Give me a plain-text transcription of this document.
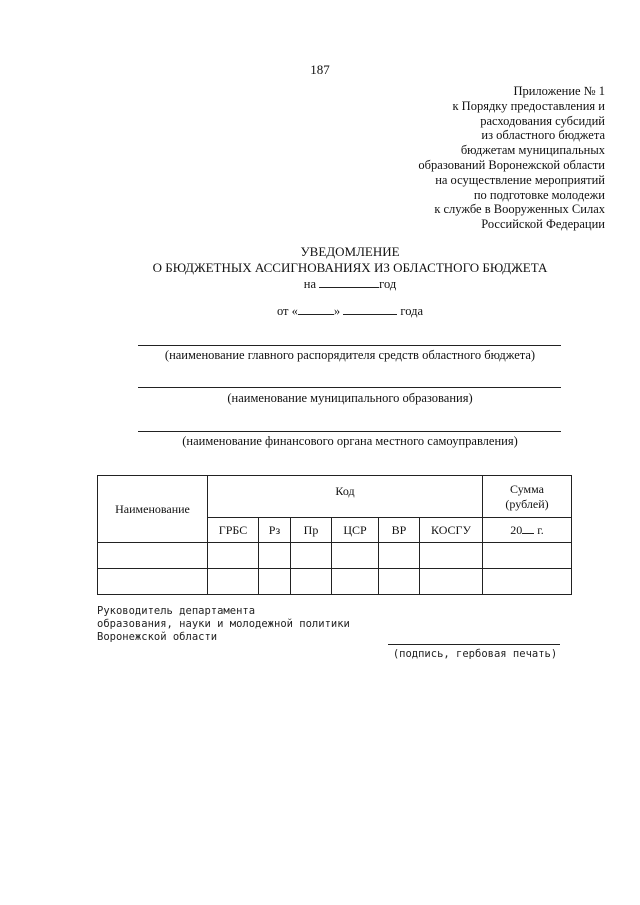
187
Приложение № 1
к Порядку предоставления и
расходования субсидий
из областного бюджета
бюджетам муниципальных
образований Воронежской области
на осуществление мероприятий
по подготовке молодежи
к службе в Вооруженных Силах
Российской Федерации
УВЕДОМЛЕНИЕ
О БЮДЖЕТНЫХ АССИГНОВАНИЯХ ИЗ ОБЛАСТНОГО БЮДЖЕТА
на	год
от «	»	года
(наименование главного распорядителя средств областного бюджета)
(наименование муниципального образования)
(наименование финансового органа местного самоуправления)
Наименование	Код						Сумма
(рублей)

	ГРБС	Рз	Пр	ЦСР	ВР	КОСГУ	20 г.

Руководитель департамента
образования, науки и молодежной политики
Воронежской области
(подпись, гербовая печать)
